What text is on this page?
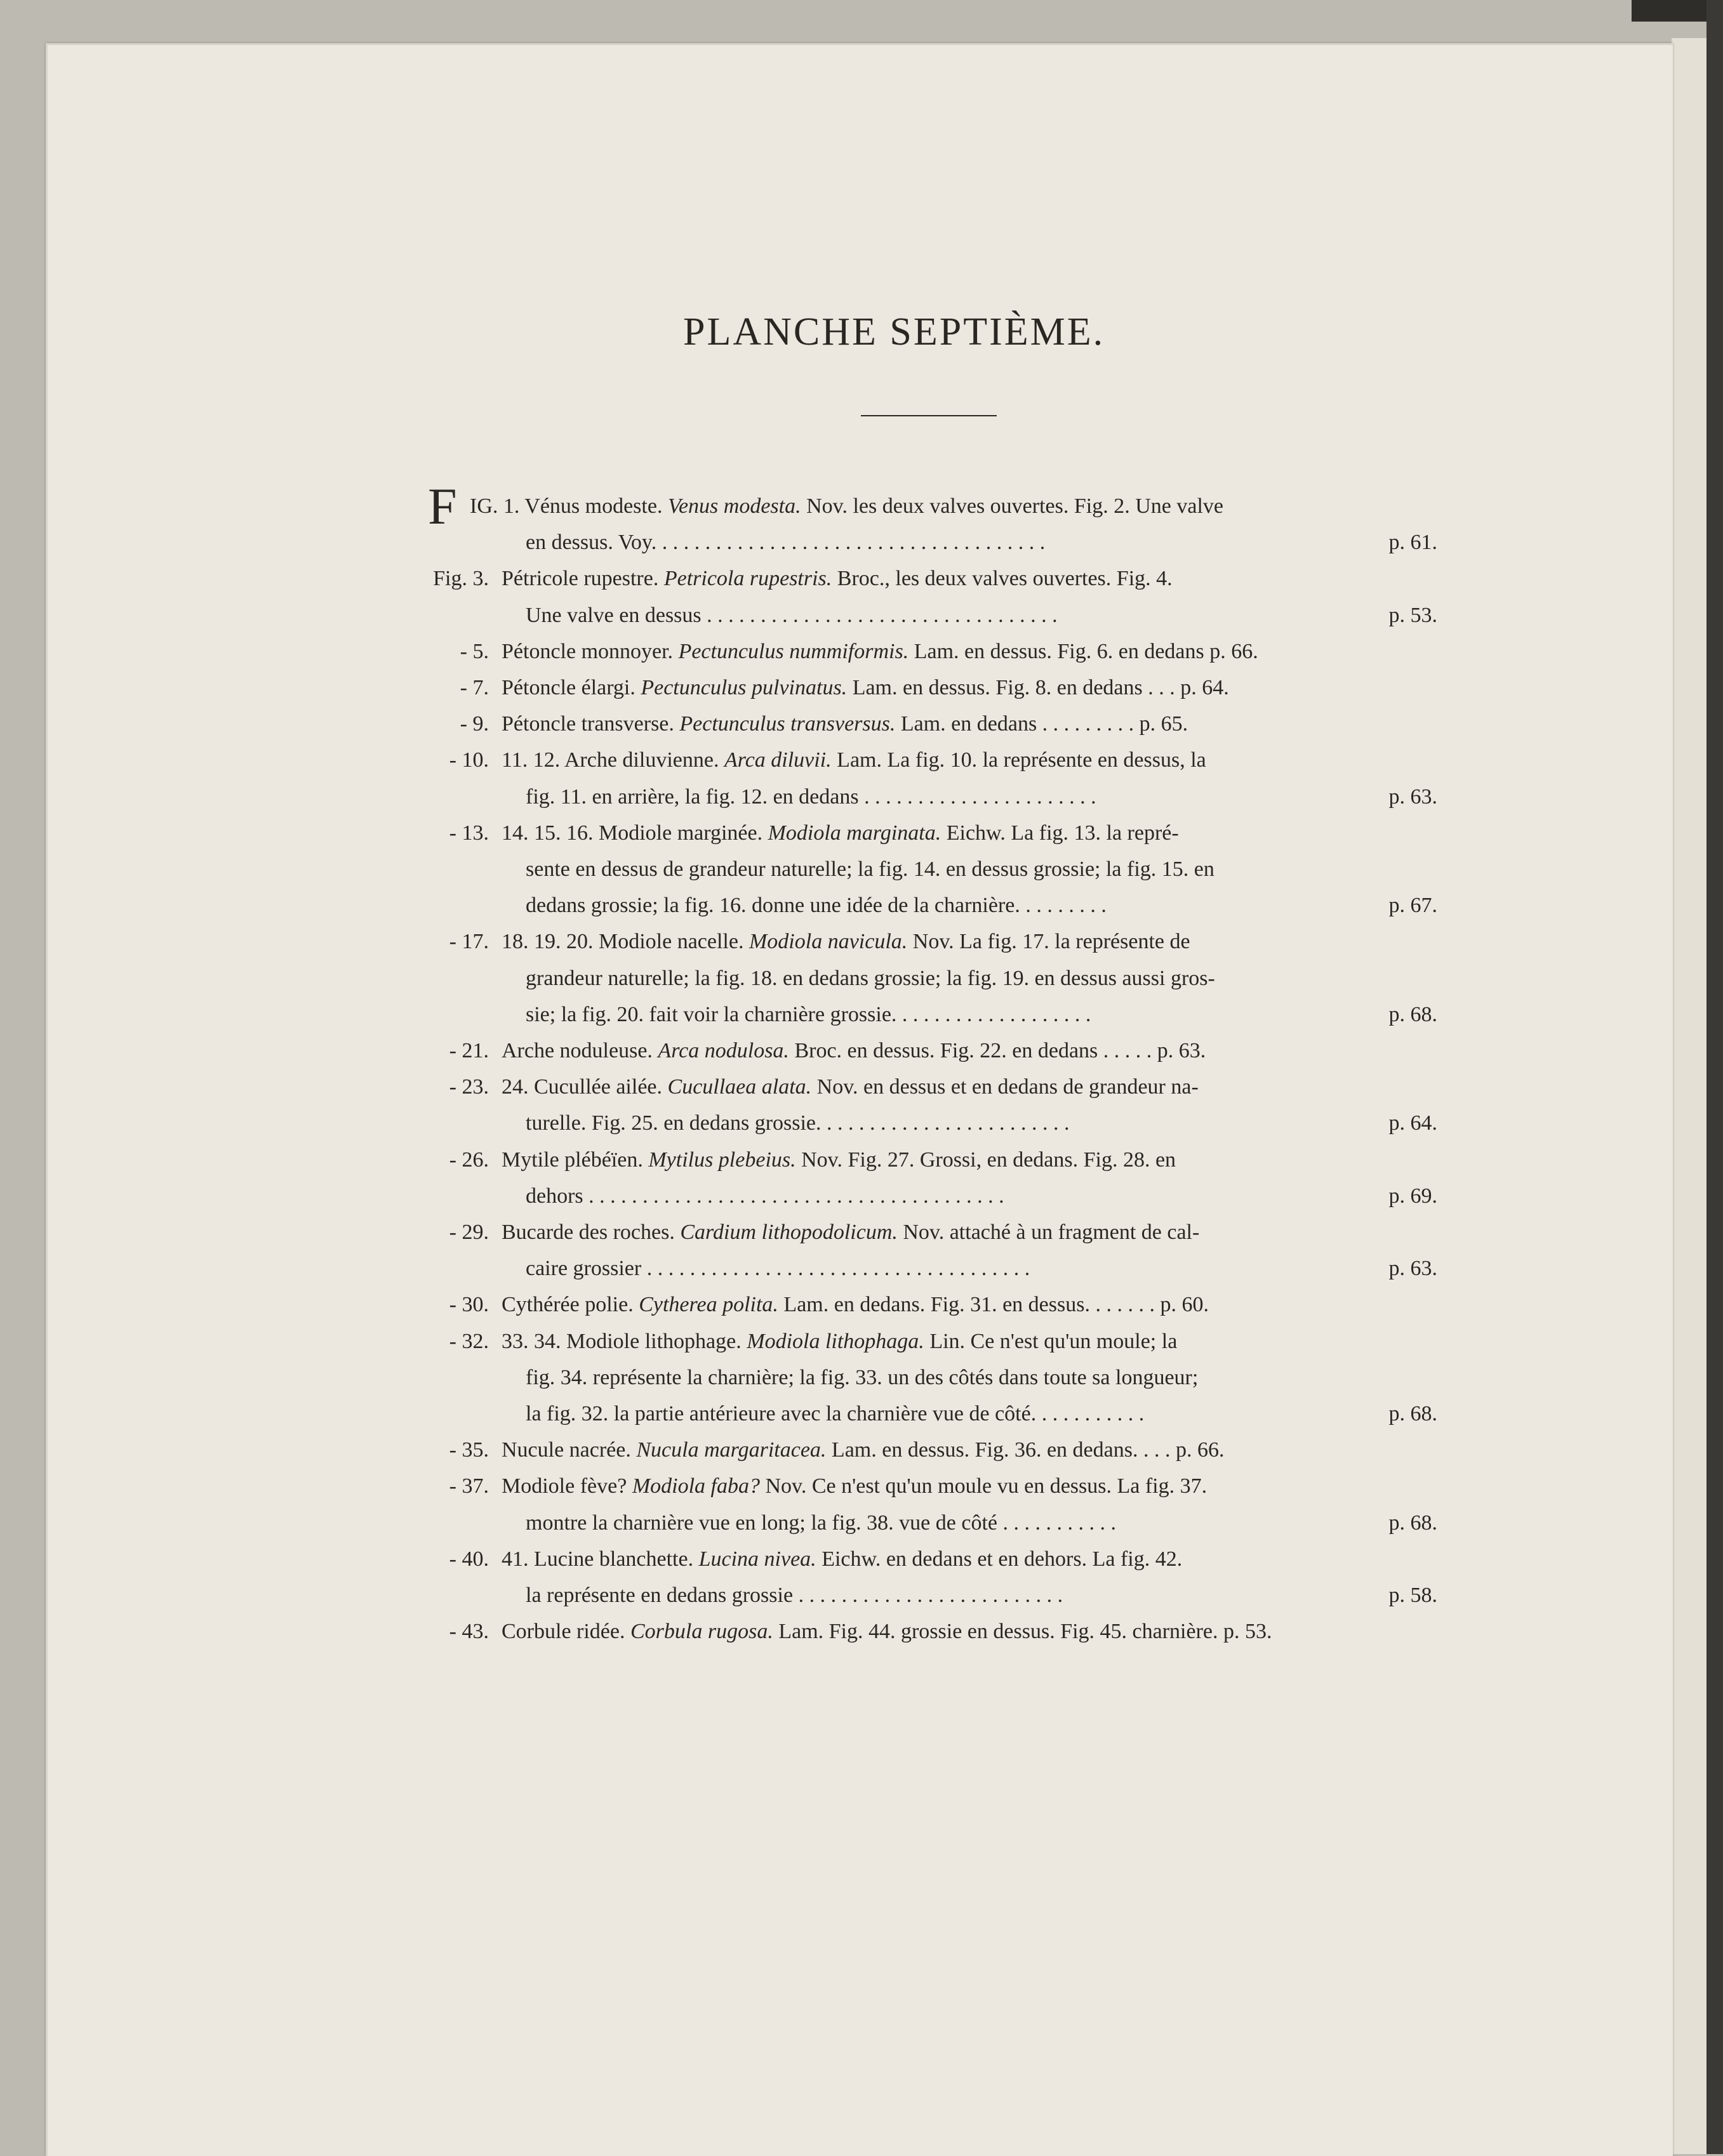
PLANCHE SEPTIÈME.
F IG. 1. Vénus modeste. Venus modesta. Nov. les deux valves ouvertes. Fig. 2. Une valve
en dessus. Voy. . . . . . . . . . . . . . . . . . . . . . . . . . . . . . . . . . . . .	p. 61.
Fig. 3. Pétricole rupestre. Petricola rupestris. Broc., les deux valves ouvertes. Fig. 4.
Une valve en dessus . . . . . . . . . . . . . . . . . . . . . . . . . . . . . . . . .	p. 53.
- 5. Pétoncle monnoyer. Pectunculus nummiformis. Lam. en dessus. Fig. 6. en dedans p. 66.
- 7. Pétoncle élargi. Pectunculus pulvinatus. Lam. en dessus. Fig. 8. en dedans . . . p. 64.
- 9. Pétoncle transverse. Pectunculus transversus. Lam. en dedans . . . . . . . . . p. 65.
- 10. 11. 12. Arche diluvienne. Arca diluvii. Lam. La fig. 10. la représente en dessus, la
fig. 11. en arrière, la fig. 12. en dedans . . . . . . . . . . . . . . . . . . . . . .	p. 63.
- 13. 14. 15. 16. Modiole marginée. Modiola marginata. Eichw. La fig. 13. la repré-
sente en dessus de grandeur naturelle; la fig. 14. en dessus grossie; la fig. 15. en
dedans grossie; la fig. 16. donne une idée de la charnière. . . . . . . . .	p. 67.
- 17. 18. 19. 20. Modiole nacelle. Modiola navicula. Nov. La fig. 17. la représente de
grandeur naturelle; la fig. 18. en dedans grossie; la fig. 19. en dessus aussi gros-
sie; la fig. 20. fait voir la charnière grossie. . . . . . . . . . . . . . . . . . .	p. 68.
- 21. Arche noduleuse. Arca nodulosa. Broc. en dessus. Fig. 22. en dedans . . . . . p. 63.
- 23. 24. Cucullée ailée. Cucullaea alata. Nov. en dessus et en dedans de grandeur na-
turelle. Fig. 25. en dedans grossie. . . . . . . . . . . . . . . . . . . . . . . .	p. 64.
- 26. Mytile plébéïen. Mytilus plebeius. Nov. Fig. 27. Grossi, en dedans. Fig. 28. en
dehors . . . . . . . . . . . . . . . . . . . . . . . . . . . . . . . . . . . . . . .	p. 69.
- 29. Bucarde des roches. Cardium lithopodolicum. Nov. attaché à un fragment de cal-
caire grossier . . . . . . . . . . . . . . . . . . . . . . . . . . . . . . . . . . . .	p. 63.
- 30. Cythérée polie. Cytherea polita. Lam. en dedans. Fig. 31. en dessus. . . . . . . p. 60.
- 32. 33. 34. Modiole lithophage. Modiola lithophaga. Lin. Ce n'est qu'un moule; la
fig. 34. représente la charnière; la fig. 33. un des côtés dans toute sa longueur;
la fig. 32. la partie antérieure avec la charnière vue de côté. . . . . . . . . . .	p. 68.
- 35. Nucule nacrée. Nucula margaritacea. Lam. en dessus. Fig. 36. en dedans. . . . p. 66.
- 37. Modiole fève? Modiola faba? Nov. Ce n'est qu'un moule vu en dessus. La fig. 37.
montre la charnière vue en long; la fig. 38. vue de côté . . . . . . . . . . .	p. 68.
- 40. 41. Lucine blanchette. Lucina nivea. Eichw. en dedans et en dehors. La fig. 42.
la représente en dedans grossie . . . . . . . . . . . . . . . . . . . . . . . . .	p. 58.
- 43. Corbule ridée. Corbula rugosa. Lam. Fig. 44. grossie en dessus. Fig. 45. charnière. p. 53.
